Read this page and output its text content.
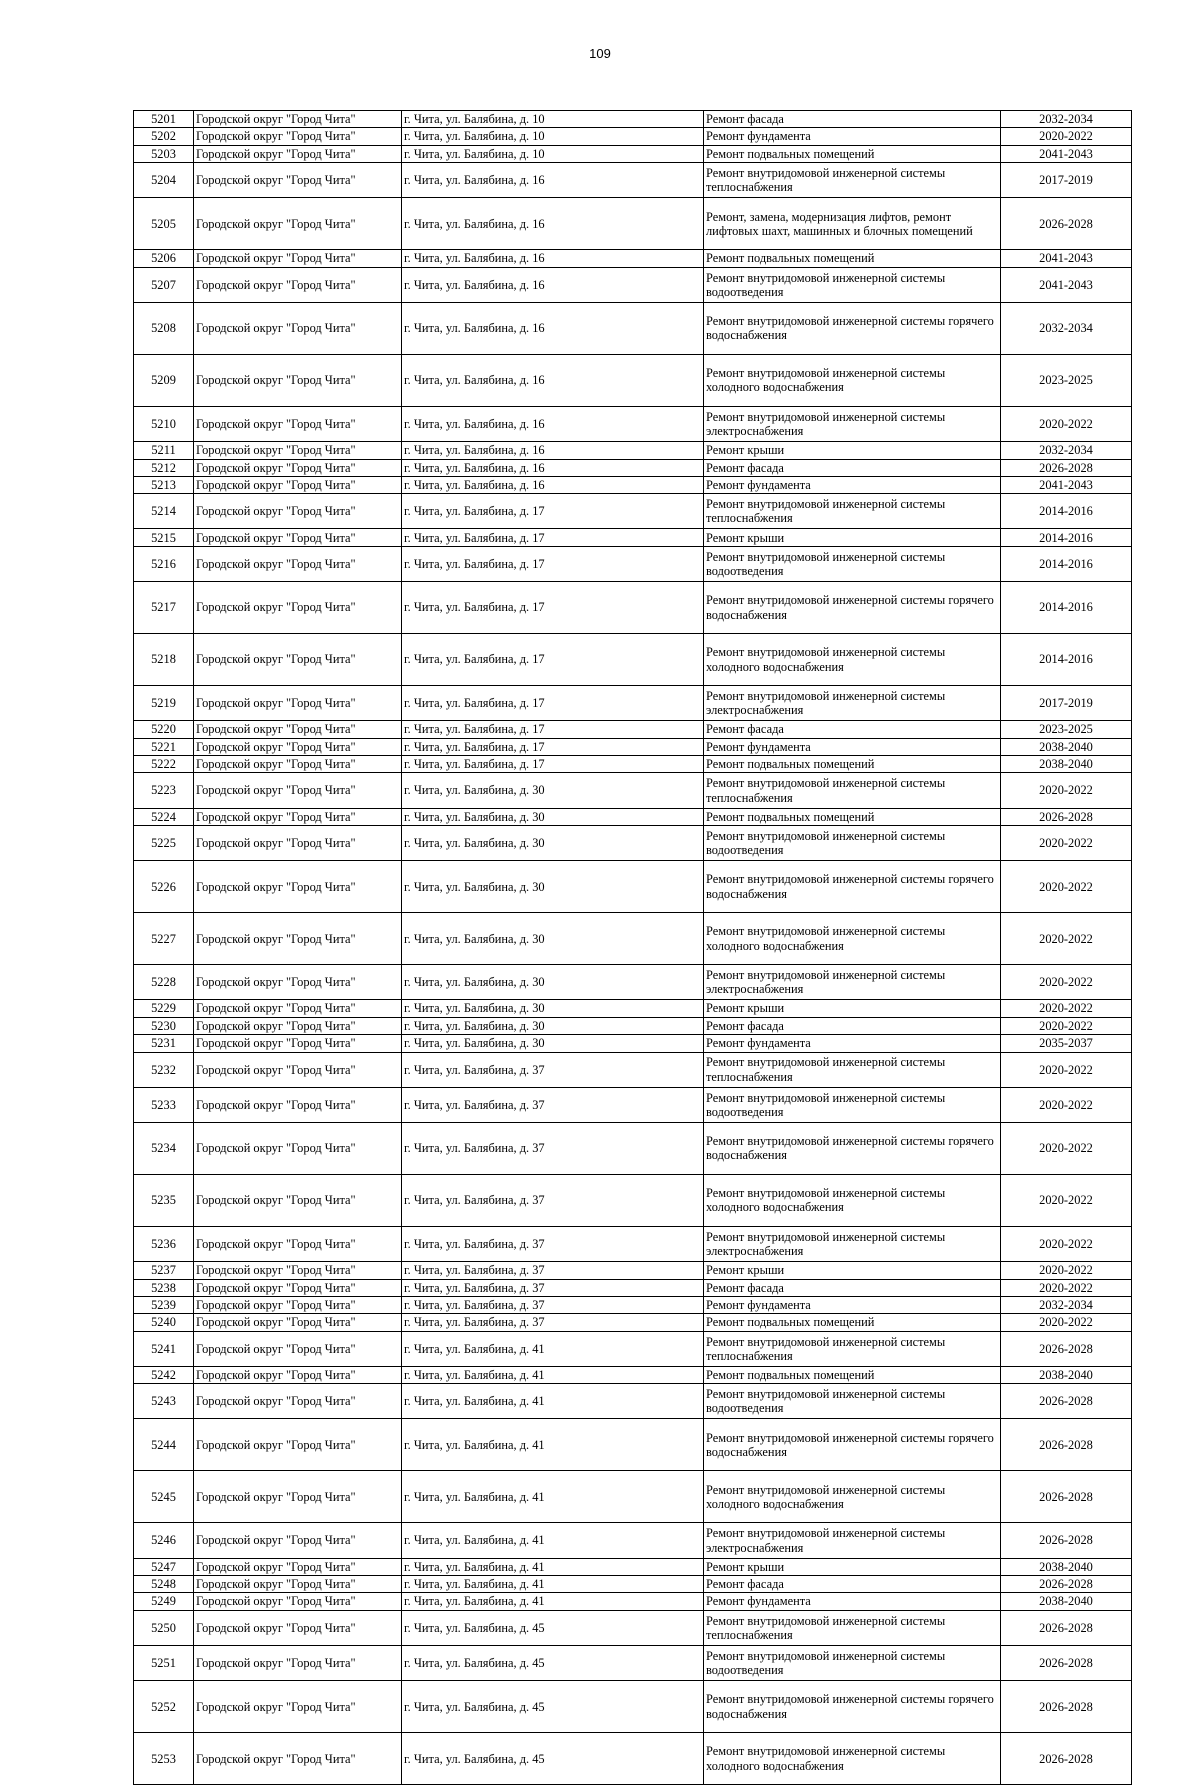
109
5201	Городской округ "Город Чита"	г. Чита, ул. Балябина, д. 10	Ремонт фасада	2032-2034
5202	Городской округ "Город Чита"	г. Чита, ул. Балябина, д. 10	Ремонт фундамента	2020-2022
5203	Городской округ "Город Чита"	г. Чита, ул. Балябина, д. 10	Ремонт подвальных помещений	2041-2043
5204	Городской округ "Город Чита"	г. Чита, ул. Балябина, д. 16	Ремонт внутридомовой инженерной системы теплоснабжения	2017-2019
5205	Городской округ "Город Чита"	г. Чита, ул. Балябина, д. 16	Ремонт, замена, модернизация лифтов, ремонт лифтовых шахт, машинных и блочных помещений	2026-2028
5206	Городской округ "Город Чита"	г. Чита, ул. Балябина, д. 16	Ремонт подвальных помещений	2041-2043
5207	Городской округ "Город Чита"	г. Чита, ул. Балябина, д. 16	Ремонт внутридомовой инженерной системы водоотведения	2041-2043
5208	Городской округ "Город Чита"	г. Чита, ул. Балябина, д. 16	Ремонт внутридомовой инженерной системы горячего водоснабжения	2032-2034
5209	Городской округ "Город Чита"	г. Чита, ул. Балябина, д. 16	Ремонт внутридомовой инженерной системы холодного водоснабжения	2023-2025
5210	Городской округ "Город Чита"	г. Чита, ул. Балябина, д. 16	Ремонт внутридомовой инженерной системы электроснабжения	2020-2022
5211	Городской округ "Город Чита"	г. Чита, ул. Балябина, д. 16	Ремонт крыши	2032-2034
5212	Городской округ "Город Чита"	г. Чита, ул. Балябина, д. 16	Ремонт фасада	2026-2028
5213	Городской округ "Город Чита"	г. Чита, ул. Балябина, д. 16	Ремонт фундамента	2041-2043
5214	Городской округ "Город Чита"	г. Чита, ул. Балябина, д. 17	Ремонт внутридомовой инженерной системы теплоснабжения	2014-2016
5215	Городской округ "Город Чита"	г. Чита, ул. Балябина, д. 17	Ремонт крыши	2014-2016
5216	Городской округ "Город Чита"	г. Чита, ул. Балябина, д. 17	Ремонт внутридомовой инженерной системы водоотведения	2014-2016
5217	Городской округ "Город Чита"	г. Чита, ул. Балябина, д. 17	Ремонт внутридомовой инженерной системы горячего водоснабжения	2014-2016
5218	Городской округ "Город Чита"	г. Чита, ул. Балябина, д. 17	Ремонт внутридомовой инженерной системы холодного водоснабжения	2014-2016
5219	Городской округ "Город Чита"	г. Чита, ул. Балябина, д. 17	Ремонт внутридомовой инженерной системы электроснабжения	2017-2019
5220	Городской округ "Город Чита"	г. Чита, ул. Балябина, д. 17	Ремонт фасада	2023-2025
5221	Городской округ "Город Чита"	г. Чита, ул. Балябина, д. 17	Ремонт фундамента	2038-2040
5222	Городской округ "Город Чита"	г. Чита, ул. Балябина, д. 17	Ремонт подвальных помещений	2038-2040
5223	Городской округ "Город Чита"	г. Чита, ул. Балябина, д. 30	Ремонт внутридомовой инженерной системы теплоснабжения	2020-2022
5224	Городской округ "Город Чита"	г. Чита, ул. Балябина, д. 30	Ремонт подвальных помещений	2026-2028
5225	Городской округ "Город Чита"	г. Чита, ул. Балябина, д. 30	Ремонт внутридомовой инженерной системы водоотведения	2020-2022
5226	Городской округ "Город Чита"	г. Чита, ул. Балябина, д. 30	Ремонт внутридомовой инженерной системы горячего водоснабжения	2020-2022
5227	Городской округ "Город Чита"	г. Чита, ул. Балябина, д. 30	Ремонт внутридомовой инженерной системы холодного водоснабжения	2020-2022
5228	Городской округ "Город Чита"	г. Чита, ул. Балябина, д. 30	Ремонт внутридомовой инженерной системы электроснабжения	2020-2022
5229	Городской округ "Город Чита"	г. Чита, ул. Балябина, д. 30	Ремонт крыши	2020-2022
5230	Городской округ "Город Чита"	г. Чита, ул. Балябина, д. 30	Ремонт фасада	2020-2022
5231	Городской округ "Город Чита"	г. Чита, ул. Балябина, д. 30	Ремонт фундамента	2035-2037
5232	Городской округ "Город Чита"	г. Чита, ул. Балябина, д. 37	Ремонт внутридомовой инженерной системы теплоснабжения	2020-2022
5233	Городской округ "Город Чита"	г. Чита, ул. Балябина, д. 37	Ремонт внутридомовой инженерной системы водоотведения	2020-2022
5234	Городской округ "Город Чита"	г. Чита, ул. Балябина, д. 37	Ремонт внутридомовой инженерной системы горячего водоснабжения	2020-2022
5235	Городской округ "Город Чита"	г. Чита, ул. Балябина, д. 37	Ремонт внутридомовой инженерной системы холодного водоснабжения	2020-2022
5236	Городской округ "Город Чита"	г. Чита, ул. Балябина, д. 37	Ремонт внутридомовой инженерной системы электроснабжения	2020-2022
5237	Городской округ "Город Чита"	г. Чита, ул. Балябина, д. 37	Ремонт крыши	2020-2022
5238	Городской округ "Город Чита"	г. Чита, ул. Балябина, д. 37	Ремонт фасада	2020-2022
5239	Городской округ "Город Чита"	г. Чита, ул. Балябина, д. 37	Ремонт фундамента	2032-2034
5240	Городской округ "Город Чита"	г. Чита, ул. Балябина, д. 37	Ремонт подвальных помещений	2020-2022
5241	Городской округ "Город Чита"	г. Чита, ул. Балябина, д. 41	Ремонт внутридомовой инженерной системы теплоснабжения	2026-2028
5242	Городской округ "Город Чита"	г. Чита, ул. Балябина, д. 41	Ремонт подвальных помещений	2038-2040
5243	Городской округ "Город Чита"	г. Чита, ул. Балябина, д. 41	Ремонт внутридомовой инженерной системы водоотведения	2026-2028
5244	Городской округ "Город Чита"	г. Чита, ул. Балябина, д. 41	Ремонт внутридомовой инженерной системы горячего водоснабжения	2026-2028
5245	Городской округ "Город Чита"	г. Чита, ул. Балябина, д. 41	Ремонт внутридомовой инженерной системы холодного водоснабжения	2026-2028
5246	Городской округ "Город Чита"	г. Чита, ул. Балябина, д. 41	Ремонт внутридомовой инженерной системы электроснабжения	2026-2028
5247	Городской округ "Город Чита"	г. Чита, ул. Балябина, д. 41	Ремонт крыши	2038-2040
5248	Городской округ "Город Чита"	г. Чита, ул. Балябина, д. 41	Ремонт фасада	2026-2028
5249	Городской округ "Город Чита"	г. Чита, ул. Балябина, д. 41	Ремонт фундамента	2038-2040
5250	Городской округ "Город Чита"	г. Чита, ул. Балябина, д. 45	Ремонт внутридомовой инженерной системы теплоснабжения	2026-2028
5251	Городской округ "Город Чита"	г. Чита, ул. Балябина, д. 45	Ремонт внутридомовой инженерной системы водоотведения	2026-2028
5252	Городской округ "Город Чита"	г. Чита, ул. Балябина, д. 45	Ремонт внутридомовой инженерной системы горячего водоснабжения	2026-2028
5253	Городской округ "Город Чита"	г. Чита, ул. Балябина, д. 45	Ремонт внутридомовой инженерной системы холодного водоснабжения	2026-2028
